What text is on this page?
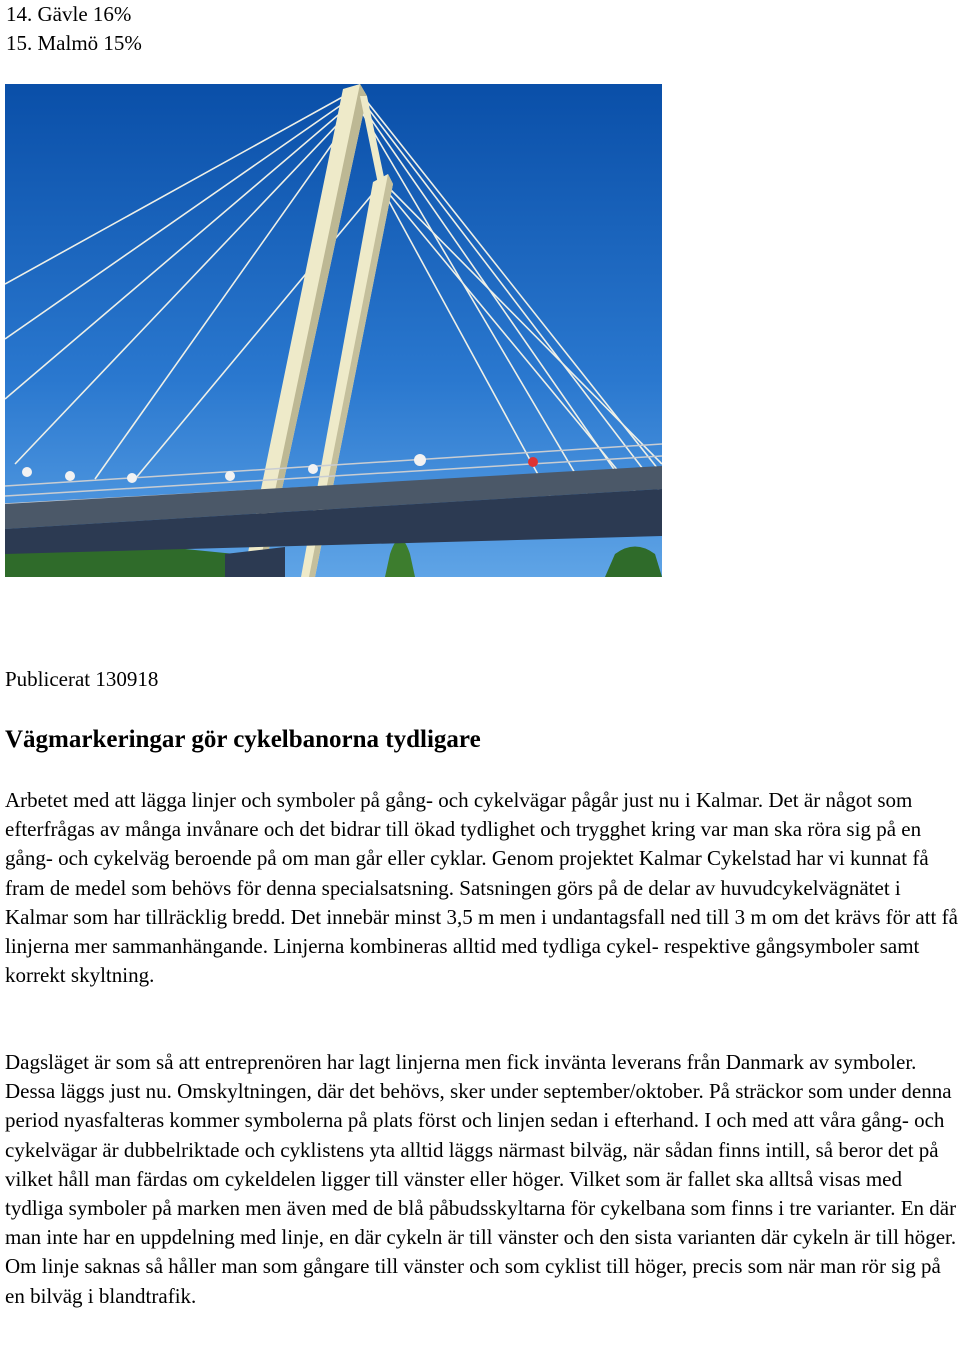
14. Gävle 16%
15. Malmö 15%
Publicerat 130918
Vägmarkeringar gör cykelbanorna tydligare

Arbetet med att lägga linjer och symboler på gång- och cykelvägar pågår just nu i Kalmar. Det är något som efterfrågas av många invånare och det bidrar till ökad tydlighet och trygghet kring var man ska röra sig på en gång- och cykelväg beroende på om man går eller cyklar. Genom projektet Kalmar Cykelstad har vi kunnat få fram de medel som behövs för denna specialsatsning. Satsningen görs på de delar av huvudcykelvägnätet i Kalmar som har tillräcklig bredd. Det innebär minst 3,5 m men i undantagsfall ned till 3 m om det krävs för att få linjerna mer sammanhängande. Linjerna kombineras alltid med tydliga cykel- respektive gångsymboler samt korrekt skyltning.

Dagsläget är som så att entreprenören har lagt linjerna men fick invänta leverans från Danmark av symboler. Dessa läggs just nu. Omskyltningen, där det behövs, sker under september/oktober. På sträckor som under denna period nyasfalteras kommer symbolerna på plats först och linjen sedan i efterhand. I och med att våra gång- och cykelvägar är dubbelriktade och cyklistens yta alltid läggs närmast bilväg, när sådan finns intill, så beror det på vilket håll man färdas om cykeldelen ligger till vänster eller höger. Vilket som är fallet ska alltså visas med tydliga symboler på marken men även med de blå påbudsskyltarna för cykelbana som finns i tre varianter. En där man inte har en uppdelning med linje, en där cykeln är till vänster och den sista varianten där cykeln är till höger. Om linje saknas så håller man som gångare till vänster och som cyklist till höger, precis som när man rör sig på en bilväg i blandtrafik.
